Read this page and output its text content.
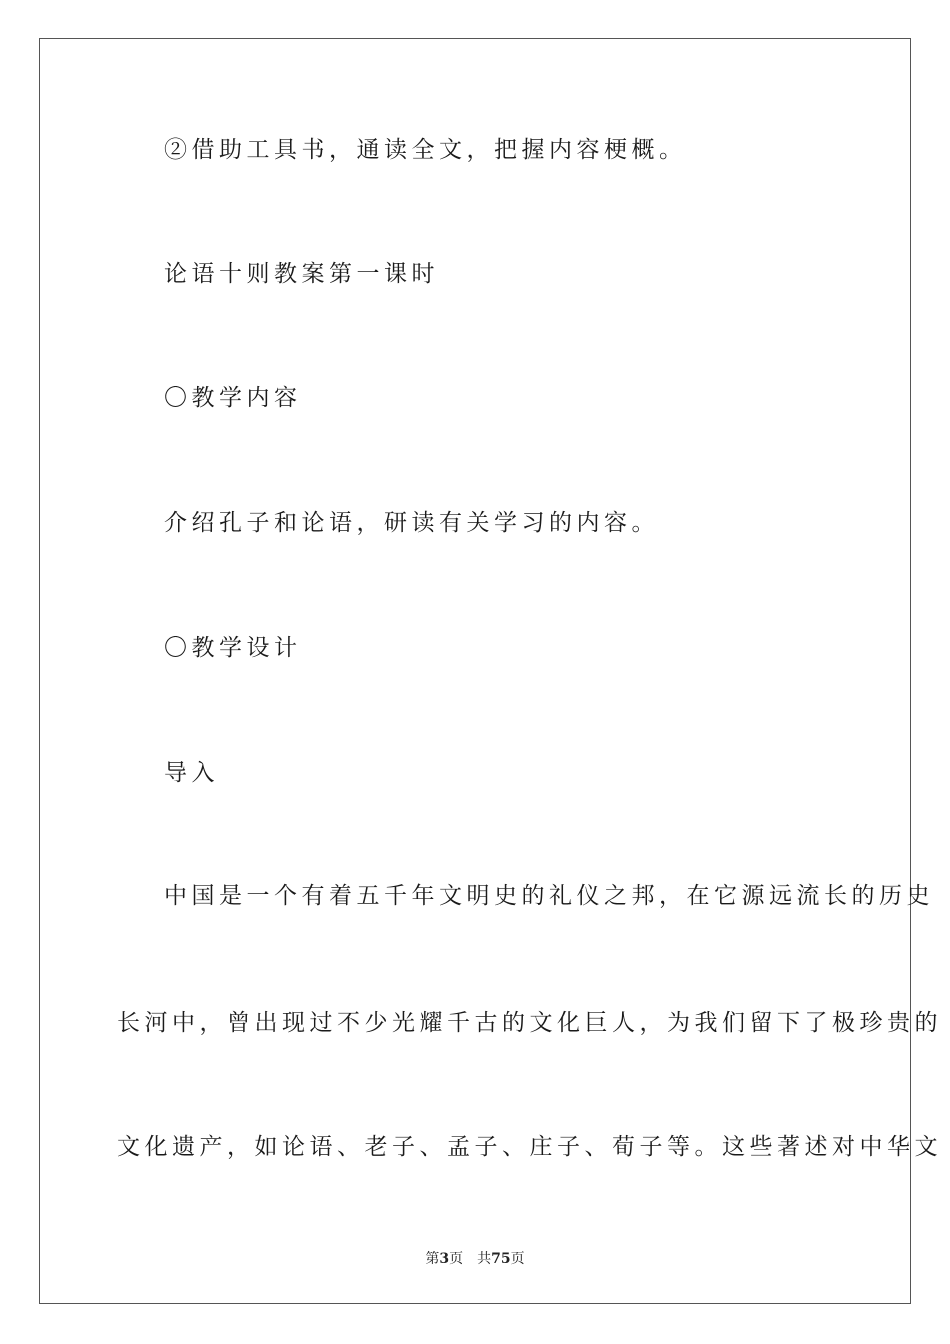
②借助工具书，通读全文，把握内容梗概。
论语十则教案第一课时
〇教学内容
介绍孔子和论语，研读有关学习的内容。
〇教学设计
导入
中国是一个有着五千年文明史的礼仪之邦，在它源远流长的历史
长河中，曾出现过不少光耀千古的文化巨人，为我们留下了极珍贵的
文化遗产，如论语、老子、孟子、庄子、荀子等。这些著述对中华文
第3页 共75页
